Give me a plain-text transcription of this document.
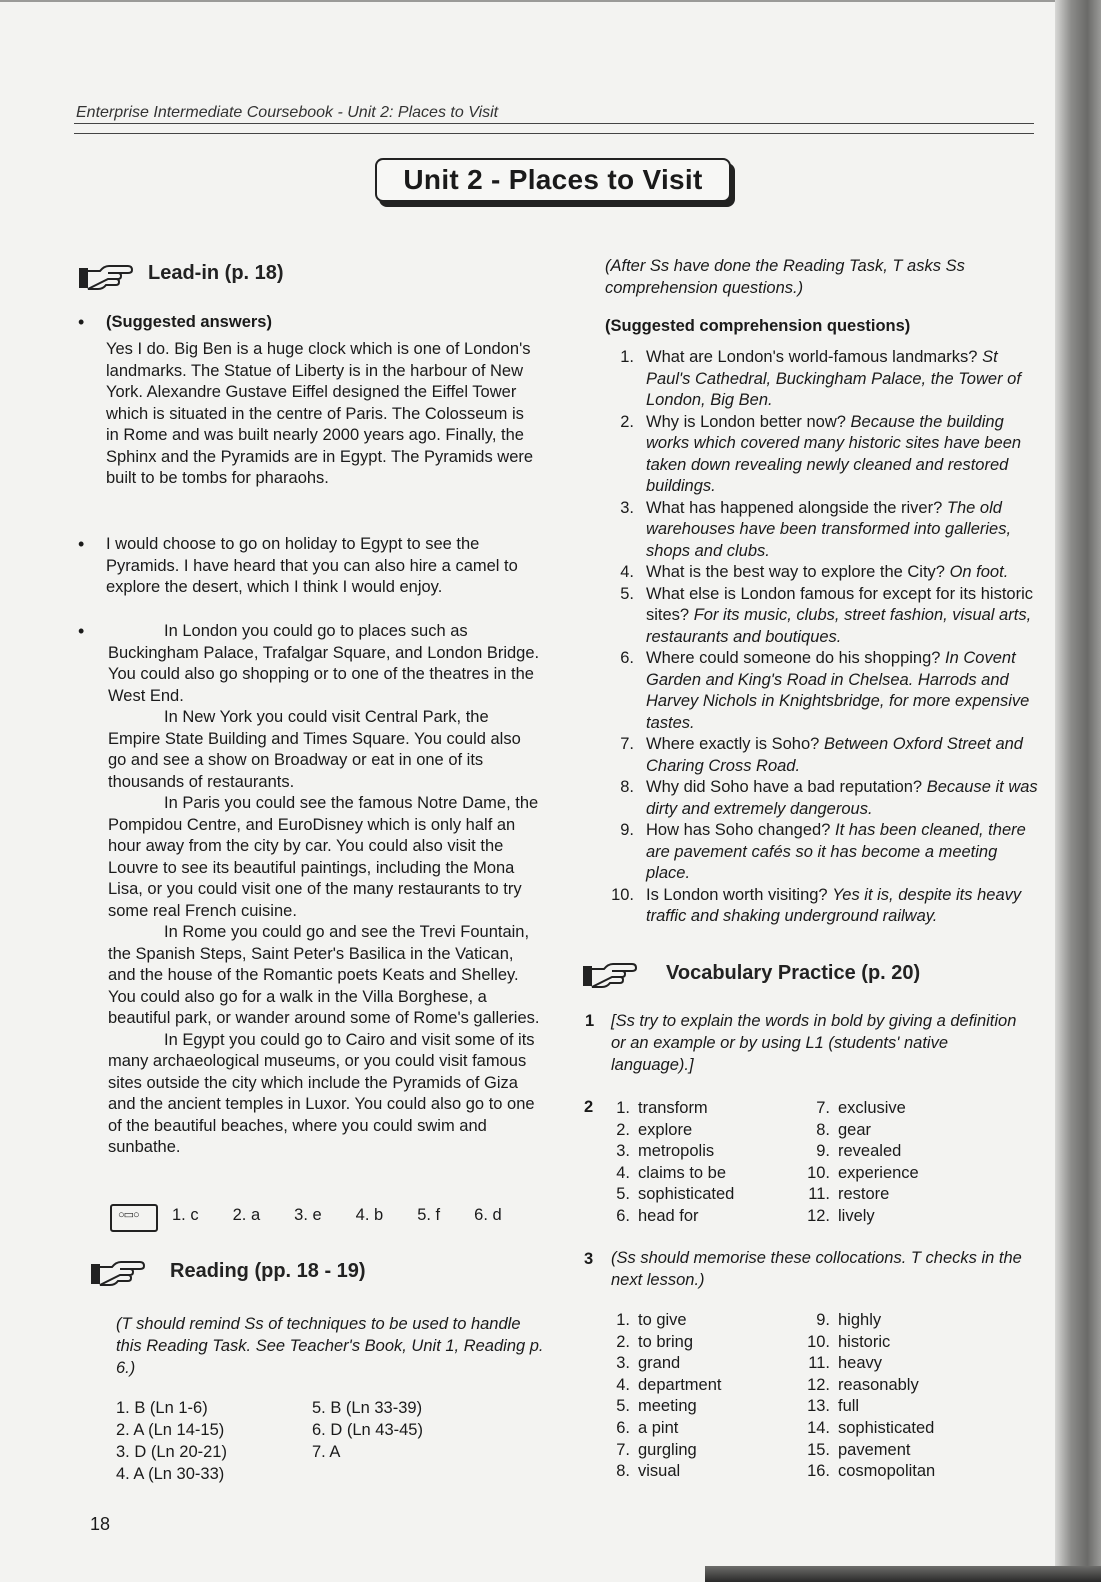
Enterprise Intermediate Coursebook - Unit 2: Places to Visit
Unit 2 - Places to Visit
Lead-in (p. 18)
• (Suggested answers)
Yes I do. Big Ben is a huge clock which is one of London's landmarks. The Statue of Liberty is in the harbour of New York. Alexandre Gustave Eiffel designed the Eiffel Tower which is situated in the centre of Paris. The Colosseum is in Rome and was built nearly 2000 years ago. Finally, the Sphinx and the Pyramids are in Egypt. The Pyramids were built to be tombs for pharaohs.
• I would choose to go on holiday to Egypt to see the Pyramids. I have heard that you can also hire a camel to explore the desert, which I think I would enjoy.
•	In London you could go to places such as Buckingham Palace, Trafalgar Square, and London Bridge. You could also go shopping or to one of the theatres in the West End.
In New York you could visit Central Park, the Empire State Building and Times Square. You could also go and see a show on Broadway or eat in one of its thousands of restaurants.
In Paris you could see the famous Notre Dame, the Pompidou Centre, and EuroDisney which is only half an hour away from the city by car. You could also visit the Louvre to see its beautiful paintings, including the Mona Lisa, or you could visit one of the many restaurants to try some real French cuisine.
In Rome you could go and see the Trevi Fountain, the Spanish Steps, Saint Peter's Basilica in the Vatican, and the house of the Romantic poets Keats and Shelley. You could also go for a walk in the Villa Borghese, a beautiful park, or wander around some of Rome's galleries.
In Egypt you could go to Cairo and visit some of its many archaeological museums, or you could visit famous sites outside the city which include the Pyramids of Giza and the ancient temples in Luxor. You could also go to one of the beautiful beaches, where you could swim and sunbathe.
○▭○
1. c 2. a 3. e 4. b 5. f 6. d
Reading (pp. 18 - 19)
(T should remind Ss of techniques to be used to handle this Reading Task. See Teacher's Book, Unit 1, Reading p. 6.)
1. B (Ln 1-6)
2. A (Ln 14-15)
3. D (Ln 20-21)
4. A (Ln 30-33)
5. B (Ln 33-39)
6. D (Ln 43-45)
7. A
18
(After Ss have done the Reading Task, T asks Ss comprehension questions.)
(Suggested comprehension questions)
1. What are London's world-famous landmarks? St Paul's Cathedral, Buckingham Palace, the Tower of London, Big Ben.
2. Why is London better now? Because the building works which covered many historic sites have been taken down revealing newly cleaned and restored buildings.
3. What has happened alongside the river? The old warehouses have been transformed into galleries, shops and clubs.
4. What is the best way to explore the City? On foot.
5. What else is London famous for except for its historic sites? For its music, clubs, street fashion, visual arts, restaurants and boutiques.
6. Where could someone do his shopping? In Covent Garden and King's Road in Chelsea. Harrods and Harvey Nichols in Knightsbridge, for more expensive tastes.
7. Where exactly is Soho? Between Oxford Street and Charing Cross Road.
8. Why did Soho have a bad reputation? Because it was dirty and extremely dangerous.
9. How has Soho changed? It has been cleaned, there are pavement cafés so it has become a meeting place.
10. Is London worth visiting? Yes it is, despite its heavy traffic and shaking underground railway.
Vocabulary Practice (p. 20)
1 [Ss try to explain the words in bold by giving a definition or an example or by using L1 (students' native language).]
2	1. transform
2. explore
3. metropolis
4. claims to be
5. sophisticated
6. head for
7. exclusive
8. gear
9. revealed
10. experience
11. restore
12. lively
3 (Ss should memorise these collocations. T checks in the next lesson.)
1. to give
2. to bring
3. grand
4. department
5. meeting
6. a pint
7. gurgling
8. visual
9. highly
10. historic
11. heavy
12. reasonably
13. full
14. sophisticated
15. pavement
16. cosmopolitan
